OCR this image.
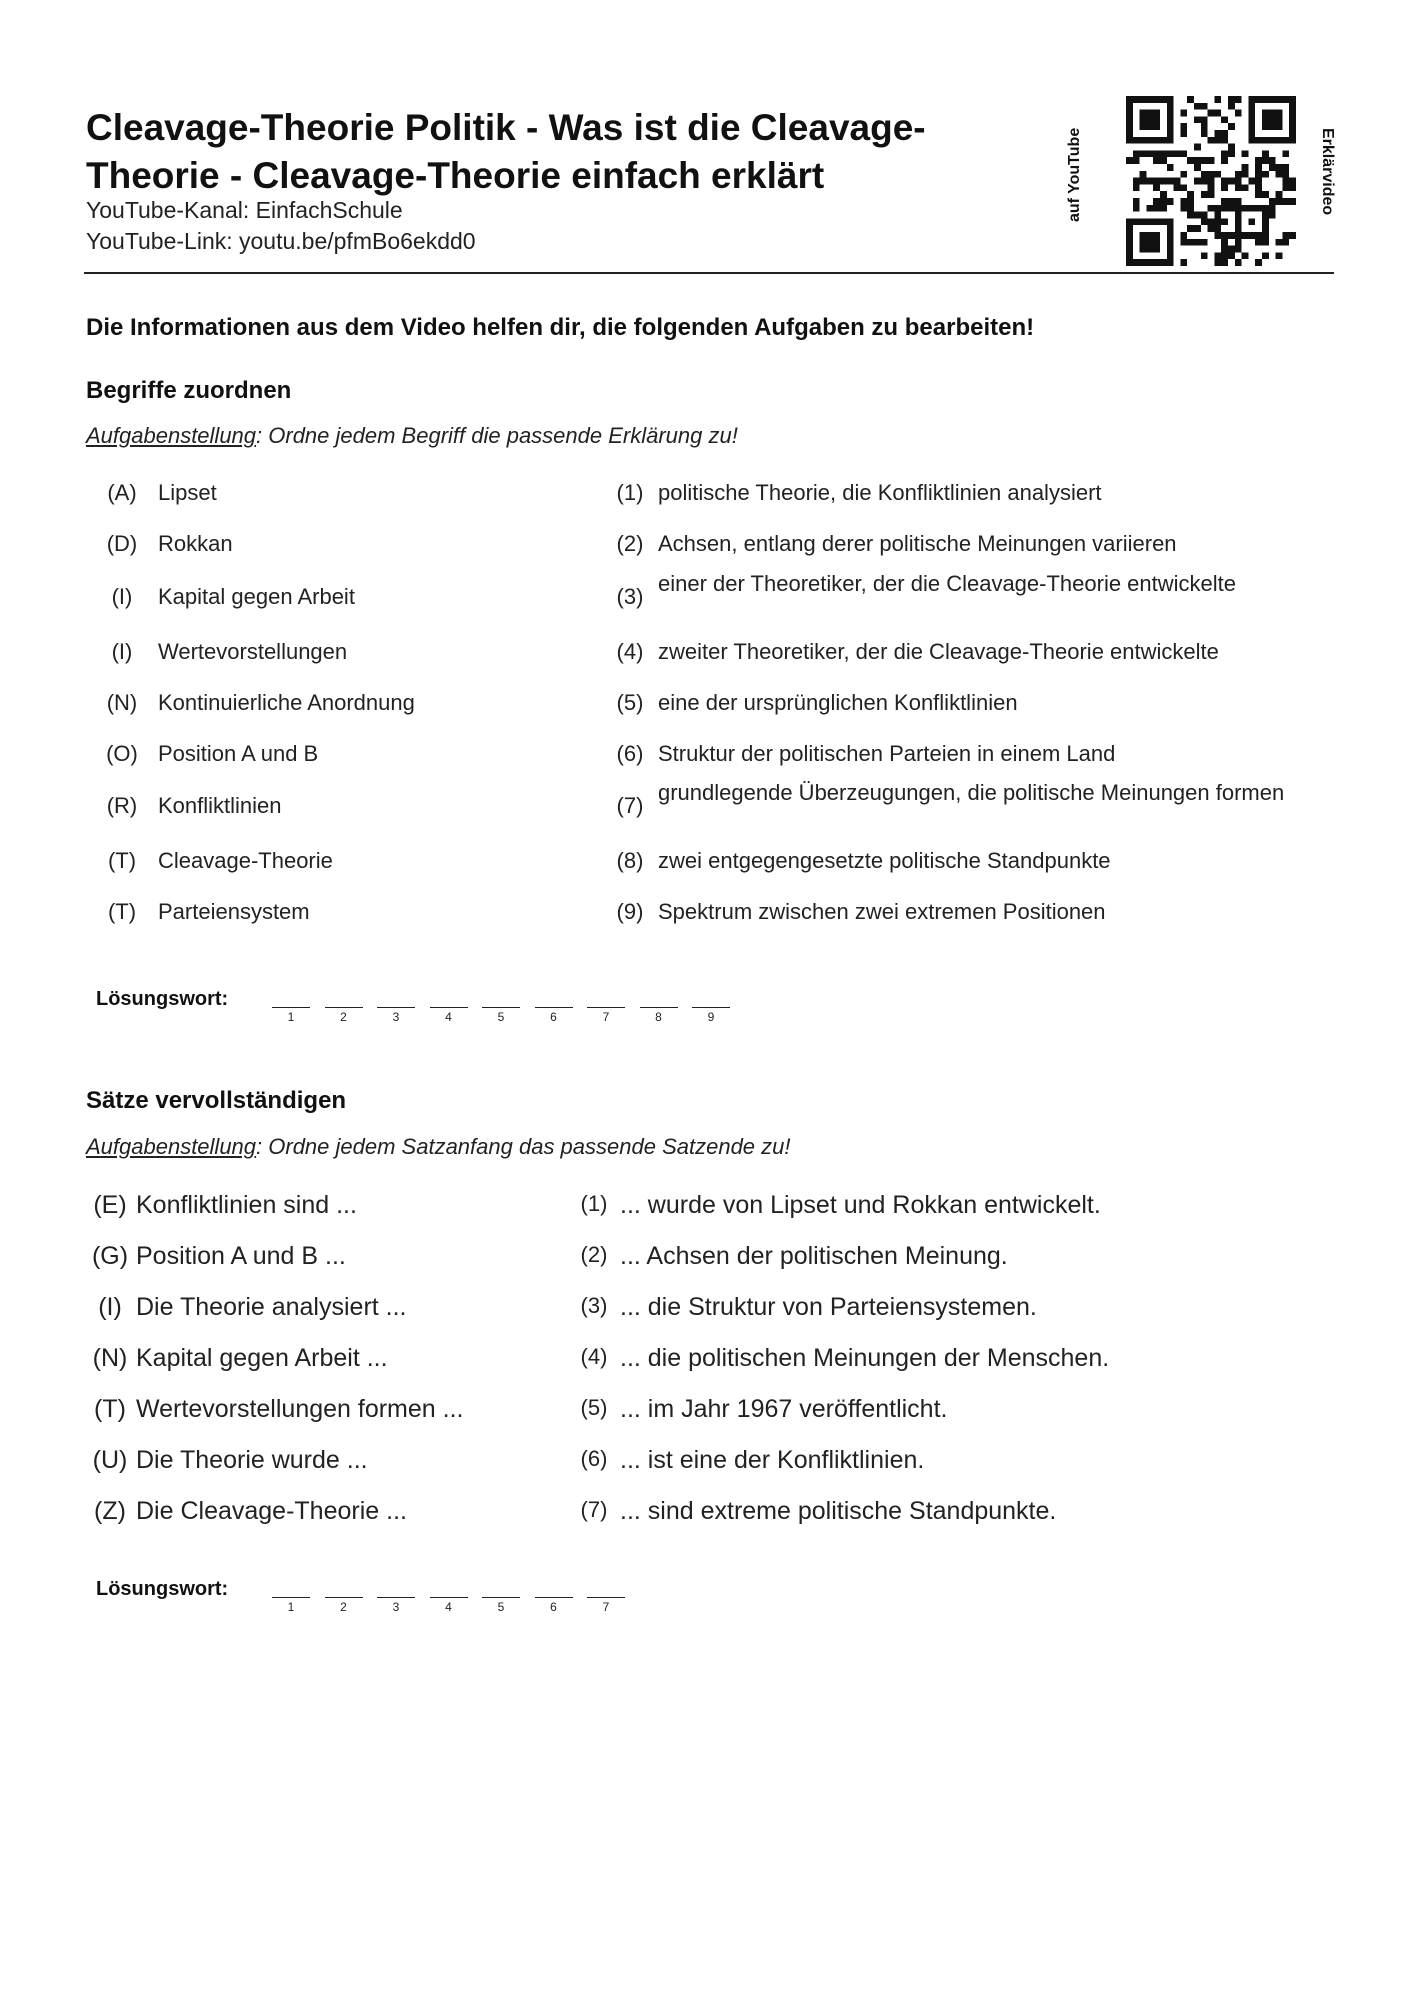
Cleavage-Theorie Politik - Was ist die Cleavage-Theorie - Cleavage-Theorie einfach erklärt
YouTube-Kanal: EinfachSchule
YouTube-Link: youtu.be/pfmBo6ekdd0
auf YouTube	Erklärvideo
Die Informationen aus dem Video helfen dir, die folgenden Aufgaben zu bearbeiten!
Begriffe zuordnen
Aufgabenstellung: Ordne jedem Begriff die passende Erklärung zu!
(A) Lipset	(1) politische Theorie, die Konfliktlinien analysiert
(D) Rokkan	(2) Achsen, entlang derer politische Meinungen variieren
(I)	Kapital gegen Arbeit	(3)
einer der Theoretiker, der die Cleavage-Theorie entwickelte
(I)	Wertevorstellungen	(4) zweiter Theoretiker, der die Cleavage-Theorie entwickelte
(N) Kontinuierliche Anordnung	(5) eine der ursprünglichen Konfliktlinien
(O) Position A und B	(6) Struktur der politischen Parteien in einem Land
(R) Konfliktlinien	(7)
grundlegende Überzeugungen, die politische Meinungen formen
(T) Cleavage-Theorie	(8) zwei entgegengesetzte politische Standpunkte
(T) Parteiensystem	(9) Spektrum zwischen zwei extremen Positionen
Lösungswort:
1	2	3	4	5	6	7	8	9
Sätze vervollständigen
Aufgabenstellung: Ordne jedem Satzanfang das passende Satzende zu!
(E) Konfliktlinien sind ...	(1) ... wurde von Lipset und Rokkan entwickelt.
(G) Position A und B ...	(2) ... Achsen der politischen Meinung.
(I) Die Theorie analysiert ...	(3) ... die Struktur von Parteiensystemen.
(N) Kapital gegen Arbeit ...	(4) ... die politischen Meinungen der Menschen.
(T) Wertevorstellungen formen ...	(5) ... im Jahr 1967 veröffentlicht.
(U) Die Theorie wurde ...	(6) ... ist eine der Konfliktlinien.
(Z) Die Cleavage-Theorie ...	(7) ... sind extreme politische Standpunkte.
Lösungswort:
1	2	3	4	5	6	7
